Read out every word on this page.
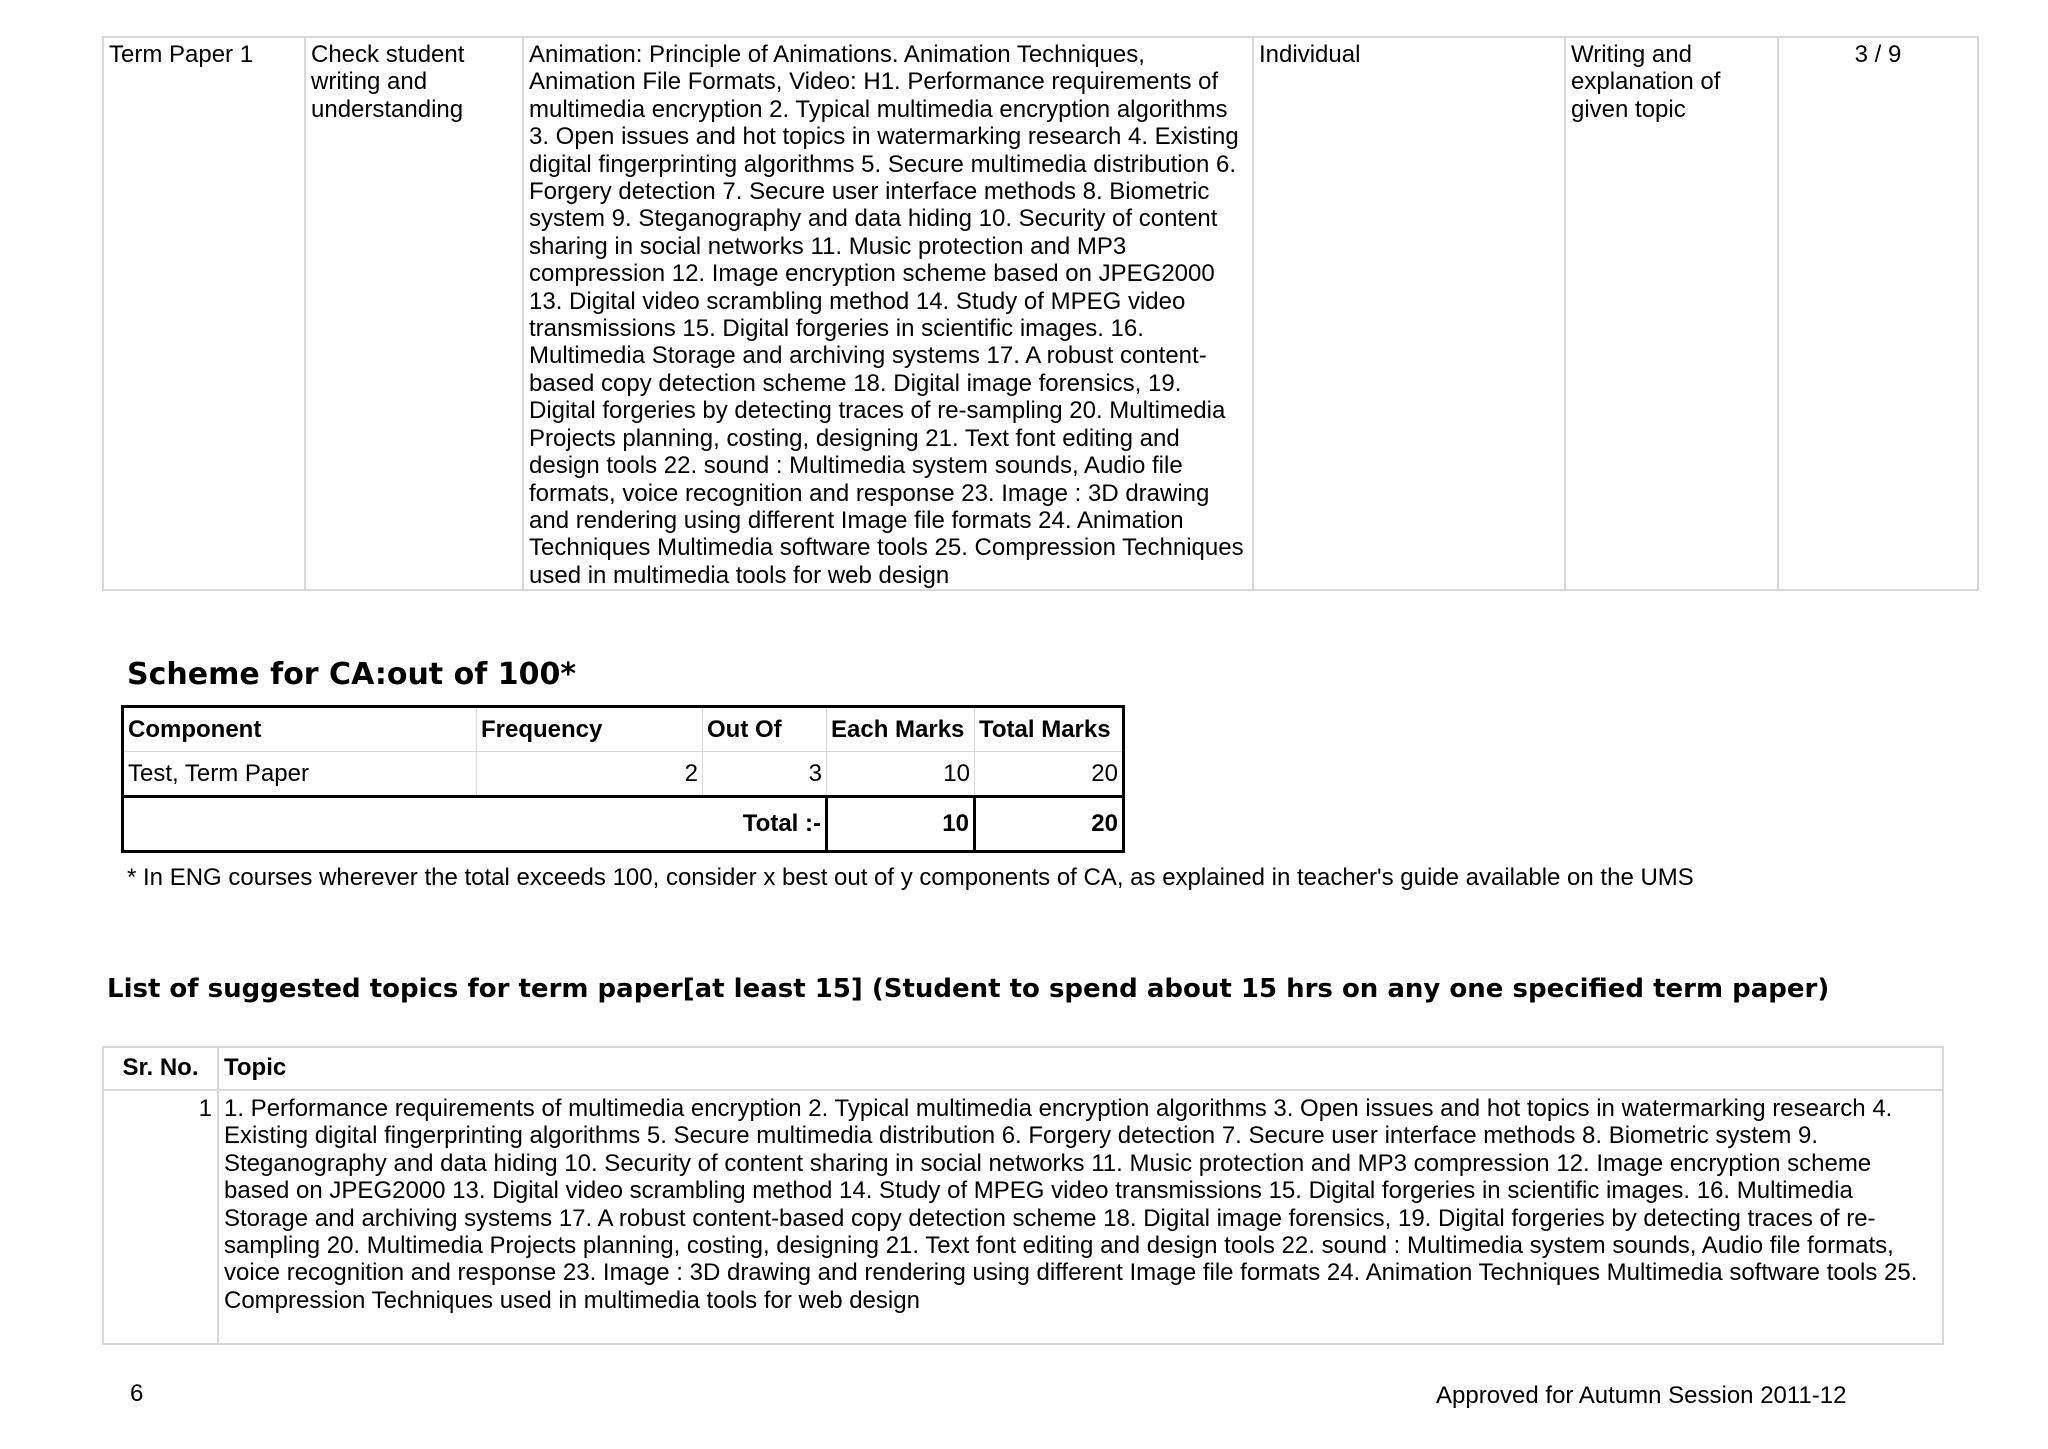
Term Paper 1	Check student writing and understanding	Animation: Principle of Animations. Animation Techniques, Animation File Formats, Video: H1. Performance requirements of multimedia encryption 2. Typical multimedia encryption algorithms 3. Open issues and hot topics in watermarking research 4. Existing digital fingerprinting algorithms 5. Secure multimedia distribution 6. Forgery detection 7. Secure user interface methods 8. Biometric system 9. Steganography and data hiding 10. Security of content sharing in social networks 11. Music protection and MP3 compression 12. Image encryption scheme based on JPEG2000 13. Digital video scrambling method 14. Study of MPEG video transmissions 15. Digital forgeries in scientific images. 16. Multimedia Storage and archiving systems 17. A robust content-based copy detection scheme 18. Digital image forensics, 19. Digital forgeries by detecting traces of re-sampling 20. Multimedia Projects planning, costing, designing 21. Text font editing and design tools 22. sound : Multimedia system sounds, Audio file formats, voice recognition and response 23. Image : 3D drawing and rendering using different Image file formats 24. Animation Techniques Multimedia software tools 25. Compression Techniques used in multimedia tools for web design	Individual	Writing and explanation of given topic	3 / 9
Scheme for CA:out of 100*
Component	Frequency	Out Of	Each Marks	Total Marks
Test, Term Paper	2	3	10	20
Total :-			10	20

* In ENG courses wherever the total exceeds 100, consider x best out of y components of CA, as explained in teacher's guide available on the UMS

List of suggested topics for term paper[at least 15] (Student to spend about 15 hrs on any one specified term paper)
Sr. No.	Topic
1	1. Performance requirements of multimedia encryption 2. Typical multimedia encryption algorithms 3. Open issues and hot topics in watermarking research 4. Existing digital fingerprinting algorithms 5. Secure multimedia distribution 6. Forgery detection 7. Secure user interface methods 8. Biometric system 9. Steganography and data hiding 10. Security of content sharing in social networks 11. Music protection and MP3 compression 12. Image encryption scheme based on JPEG2000 13. Digital video scrambling method 14. Study of MPEG video transmissions 15. Digital forgeries in scientific images. 16. Multimedia Storage and archiving systems 17. A robust content-based copy detection scheme 18. Digital image forensics, 19. Digital forgeries by detecting traces of re-sampling 20. Multimedia Projects planning, costing, designing 21. Text font editing and design tools 22. sound : Multimedia system sounds, Audio file formats, voice recognition and response 23. Image : 3D drawing and rendering using different Image file formats 24. Animation Techniques Multimedia software tools 25. Compression Techniques used in multimedia tools for web design

6	Approved for Autumn Session 2011-12
